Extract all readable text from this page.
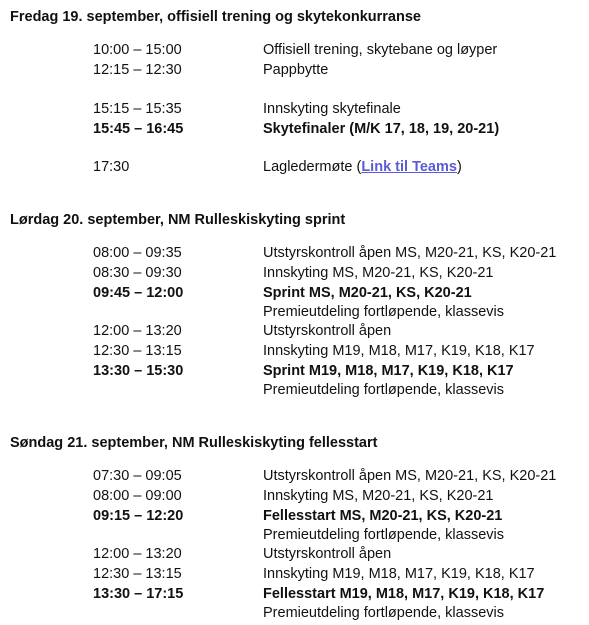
Fredag 19. september, offisiell trening og skytekonkurranse
10:00 – 15:00	Offisiell trening, skytebane og løyper
12:15 – 12:30	Pappbytte
15:15 – 15:35	Innskyting skytefinale
15:45 – 16:45	Skytefinaler (M/K 17, 18, 19, 20-21)
17:30	Lagledermøte (Link til Teams)
Lørdag 20. september, NM Rulleskiskyting sprint
08:00 – 09:35	Utstyrskontroll åpen MS, M20-21, KS, K20-21
08:30 – 09:30	Innskyting MS, M20-21, KS, K20-21
09:45 – 12:00	Sprint MS, M20-21, KS, K20-21
Premieutdeling fortløpende, klassevis
12:00 – 13:20	Utstyrskontroll åpen
12:30 – 13:15	Innskyting M19, M18, M17, K19, K18, K17
13:30 – 15:30	Sprint M19, M18, M17, K19, K18, K17
Premieutdeling fortløpende, klassevis
Søndag 21. september, NM Rulleskiskyting fellesstart
07:30 – 09:05	Utstyrskontroll åpen MS, M20-21, KS, K20-21
08:00 – 09:00	Innskyting MS, M20-21, KS, K20-21
09:15 – 12:20	Fellesstart MS, M20-21, KS, K20-21
Premieutdeling fortløpende, klassevis
12:00 – 13:20	Utstyrskontroll åpen
12:30 – 13:15	Innskyting M19, M18, M17, K19, K18, K17
13:30 – 17:15	Fellesstart M19, M18, M17, K19, K18, K17
Premieutdeling fortløpende, klassevis
